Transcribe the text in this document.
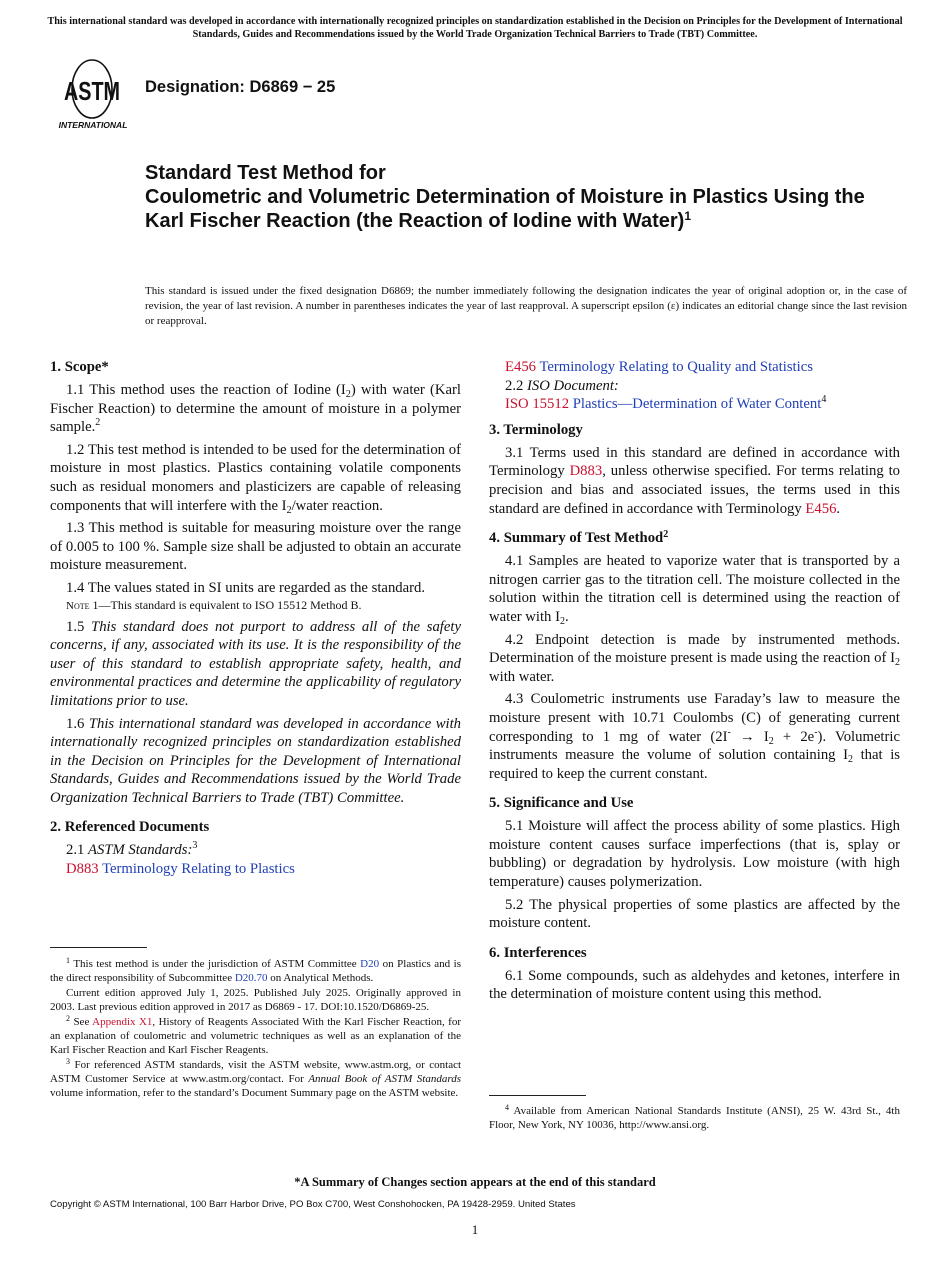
This international standard was developed in accordance with internationally recognized principles on standardization established in the Decision on Principles for the Development of International Standards, Guides and Recommendations issued by the World Trade Organization Technical Barriers to Trade (TBT) Committee.
ASTM
INTERNATIONAL
Designation: D6869 − 25
Standard Test Method for
Coulometric and Volumetric Determination of Moisture in Plastics Using the Karl Fischer Reaction (the Reaction of Iodine with Water)$^1$
This standard is issued under the fixed designation D6869; the number immediately following the designation indicates the year of original adoption or, in the case of revision, the year of last revision. A number in parentheses indicates the year of last reapproval. A superscript epsilon (ε) indicates an editorial change since the last revision or reapproval.
1. Scope*

1.1 This method uses the reaction of Iodine $(I_2)$ with water (Karl Fischer Reaction) to determine the amount of moisture in a polymer sample.$^2$

1.2 This test method is intended to be used for the determination of moisture in most plastics. Plastics containing volatile components such as residual monomers and plasticizers are capable of releasing components that will interfere with the $I_2$/water reaction.

1.3 This method is suitable for measuring moisture over the range of 0.005 to 100 %. Sample size shall be adjusted to obtain an accurate moisture measurement.

1.4 The values stated in SI units are regarded as the standard.

Note 1—This standard is equivalent to ISO 15512 Method B.

1.5 This standard does not purport to address all of the safety concerns, if any, associated with its use. It is the responsibility of the user of this standard to establish appropriate safety, health, and environmental practices and determine the applicability of regulatory limitations prior to use.

1.6 This international standard was developed in accordance with internationally recognized principles on standardization established in the Decision on Principles for the Development of International Standards, Guides and Recommendations issued by the World Trade Organization Technical Barriers to Trade (TBT) Committee.

2. Referenced Documents

2.1 ASTM Standards:$^3$

D883 Terminology Relating to Plastics

$^1$ This test method is under the jurisdiction of ASTM Committee D20 on Plastics and is the direct responsibility of Subcommittee D20.70 on Analytical Methods.

Current edition approved July 1, 2025. Published July 2025. Originally approved in 2003. Last previous edition approved in 2017 as D6869 - 17. DOI:10.1520/D6869-25.

$^2$ See Appendix X1, History of Reagents Associated With the Karl Fischer Reaction, for an explanation of coulometric and volumetric techniques as well as an explanation of the Karl Fischer Reaction and Karl Fischer Reagents.

$^3$ For referenced ASTM standards, visit the ASTM website, www.astm.org, or contact ASTM Customer Service at www.astm.org/contact. For Annual Book of ASTM Standards volume information, refer to the standard’s Document Summary page on the ASTM website.

E456 Terminology Relating to Quality and Statistics

2.2 ISO Document:

ISO 15512 Plastics—Determination of Water Content$^4$

3. Terminology

3.1 Terms used in this standard are defined in accordance with Terminology D883, unless otherwise specified. For terms relating to precision and bias and associated issues, the terms used in this standard are defined in accordance with Terminology E456.

4. Summary of Test Method$^2$

4.1 Samples are heated to vaporize water that is transported by a nitrogen carrier gas to the titration cell. The moisture collected in the solution within the titration cell is determined using the reaction of water with $I_2$.

4.2 Endpoint detection is made by instrumented methods. Determination of the moisture present is made using the reaction of $I_2$ with water.

4.3 Coulometric instruments use Faraday’s law to measure the moisture present with 10.71 Coulombs (C) of generating current corresponding to 1 mg of water $(2I^- \to I_2 + 2e^-)$. Volumetric instruments measure the volume of solution containing $I_2$ that is required to keep the current constant.

5. Significance and Use

5.1 Moisture will affect the process ability of some plastics. High moisture content causes surface imperfections (that is, splay or bubbling) or degradation by hydrolysis. Low moisture (with high temperature) causes polymerization.

5.2 The physical properties of some plastics are affected by the moisture content.

6. Interferences

6.1 Some compounds, such as aldehydes and ketones, interfere in the determination of moisture content using this method.

$^4$ Available from American National Standards Institute (ANSI), 25 W. 43rd St., 4th Floor, New York, NY 10036, http://www.ansi.org.

*A Summary of Changes section appears at the end of this standard
Copyright © ASTM International, 100 Barr Harbor Drive, PO Box C700, West Conshohocken, PA 19428-2959. United States
1
